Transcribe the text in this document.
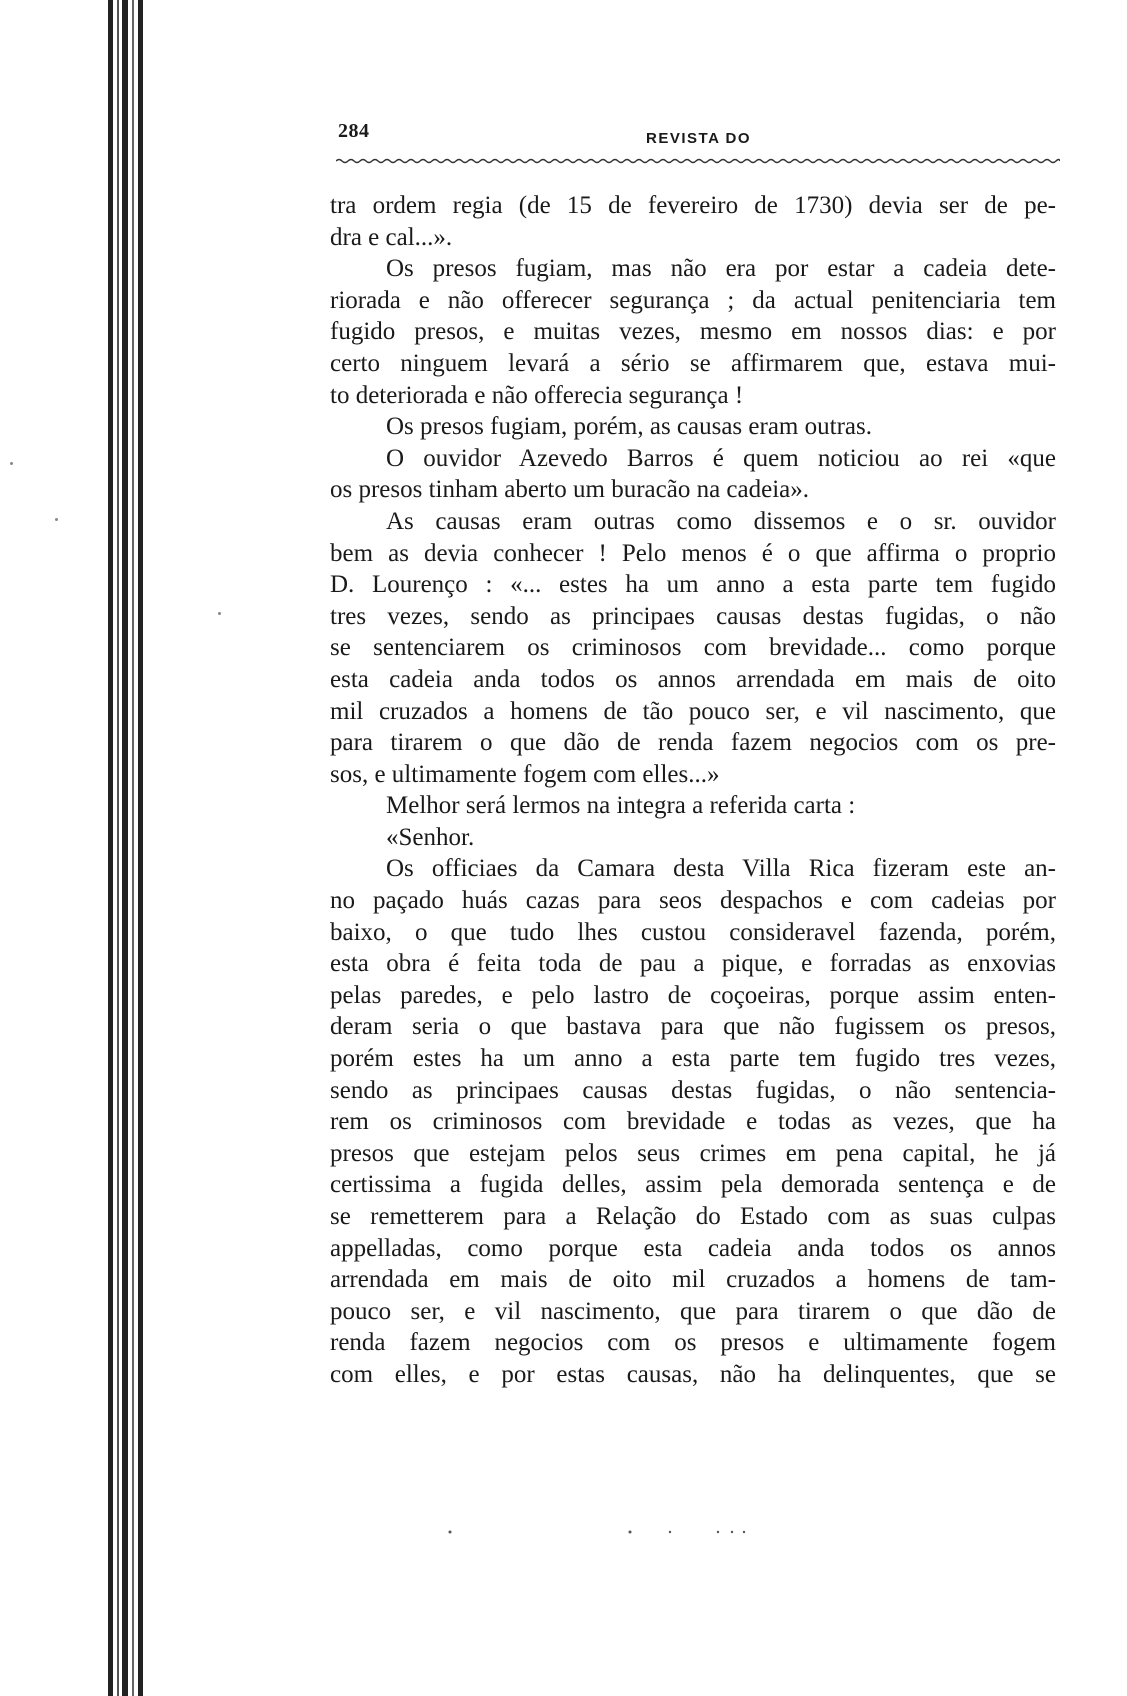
284	REVISTA DO
tra ordem regia (de 15 de fevereiro de 1730) devia ser de pe-
dra e cal...».
Os presos fugiam, mas não era por estar a cadeia dete-
riorada e não offerecer segurança ; da actual penitenciaria tem
fugido presos, e muitas vezes, mesmo em nossos dias: e por
certo ninguem levará a sério se affirmarem que, estava mui-
to deteriorada e não offerecia segurança !
Os presos fugiam, porém, as causas eram outras.
O ouvidor Azevedo Barros é quem noticiou ao rei «que
os presos tinham aberto um buracão na cadeia».
As causas eram outras como dissemos e o sr. ouvidor
bem as devia conhecer ! Pelo menos é o que affirma o proprio
D. Lourenço : «... estes ha um anno a esta parte tem fugido
tres vezes, sendo as principaes causas destas fugidas, o não
se sentenciarem os criminosos com brevidade... como porque
esta cadeia anda todos os annos arrendada em mais de oito
mil cruzados a homens de tão pouco ser, e vil nascimento, que
para tirarem o que dão de renda fazem negocios com os pre-
sos, e ultimamente fogem com elles...»
Melhor será lermos na integra a referida carta :
«Senhor.
Os officiaes da Camara desta Villa Rica fizeram este an-
no paçado huás cazas para seos despachos e com cadeias por
baixo, o que tudo lhes custou consideravel fazenda, porém,
esta obra é feita toda de pau a pique, e forradas as enxovias
pelas paredes, e pelo lastro de coçoeiras, porque assim enten-
deram seria o que bastava para que não fugissem os presos,
porém estes ha um anno a esta parte tem fugido tres vezes,
sendo as principaes causas destas fugidas, o não sentencia-
rem os criminosos com brevidade e todas as vezes, que ha
presos que estejam pelos seus crimes em pena capital, he já
certissima a fugida delles, assim pela demorada sentença e de
se remetterem para a Relação do Estado com as suas culpas
appelladas, como porque esta cadeia anda todos os annos
arrendada em mais de oito mil cruzados a homens de tam-
pouco ser, e vil nascimento, que para tirarem o que dão de
renda fazem negocios com os presos e ultimamente fogem
com elles, e por estas causas, não ha delinquentes, que se
